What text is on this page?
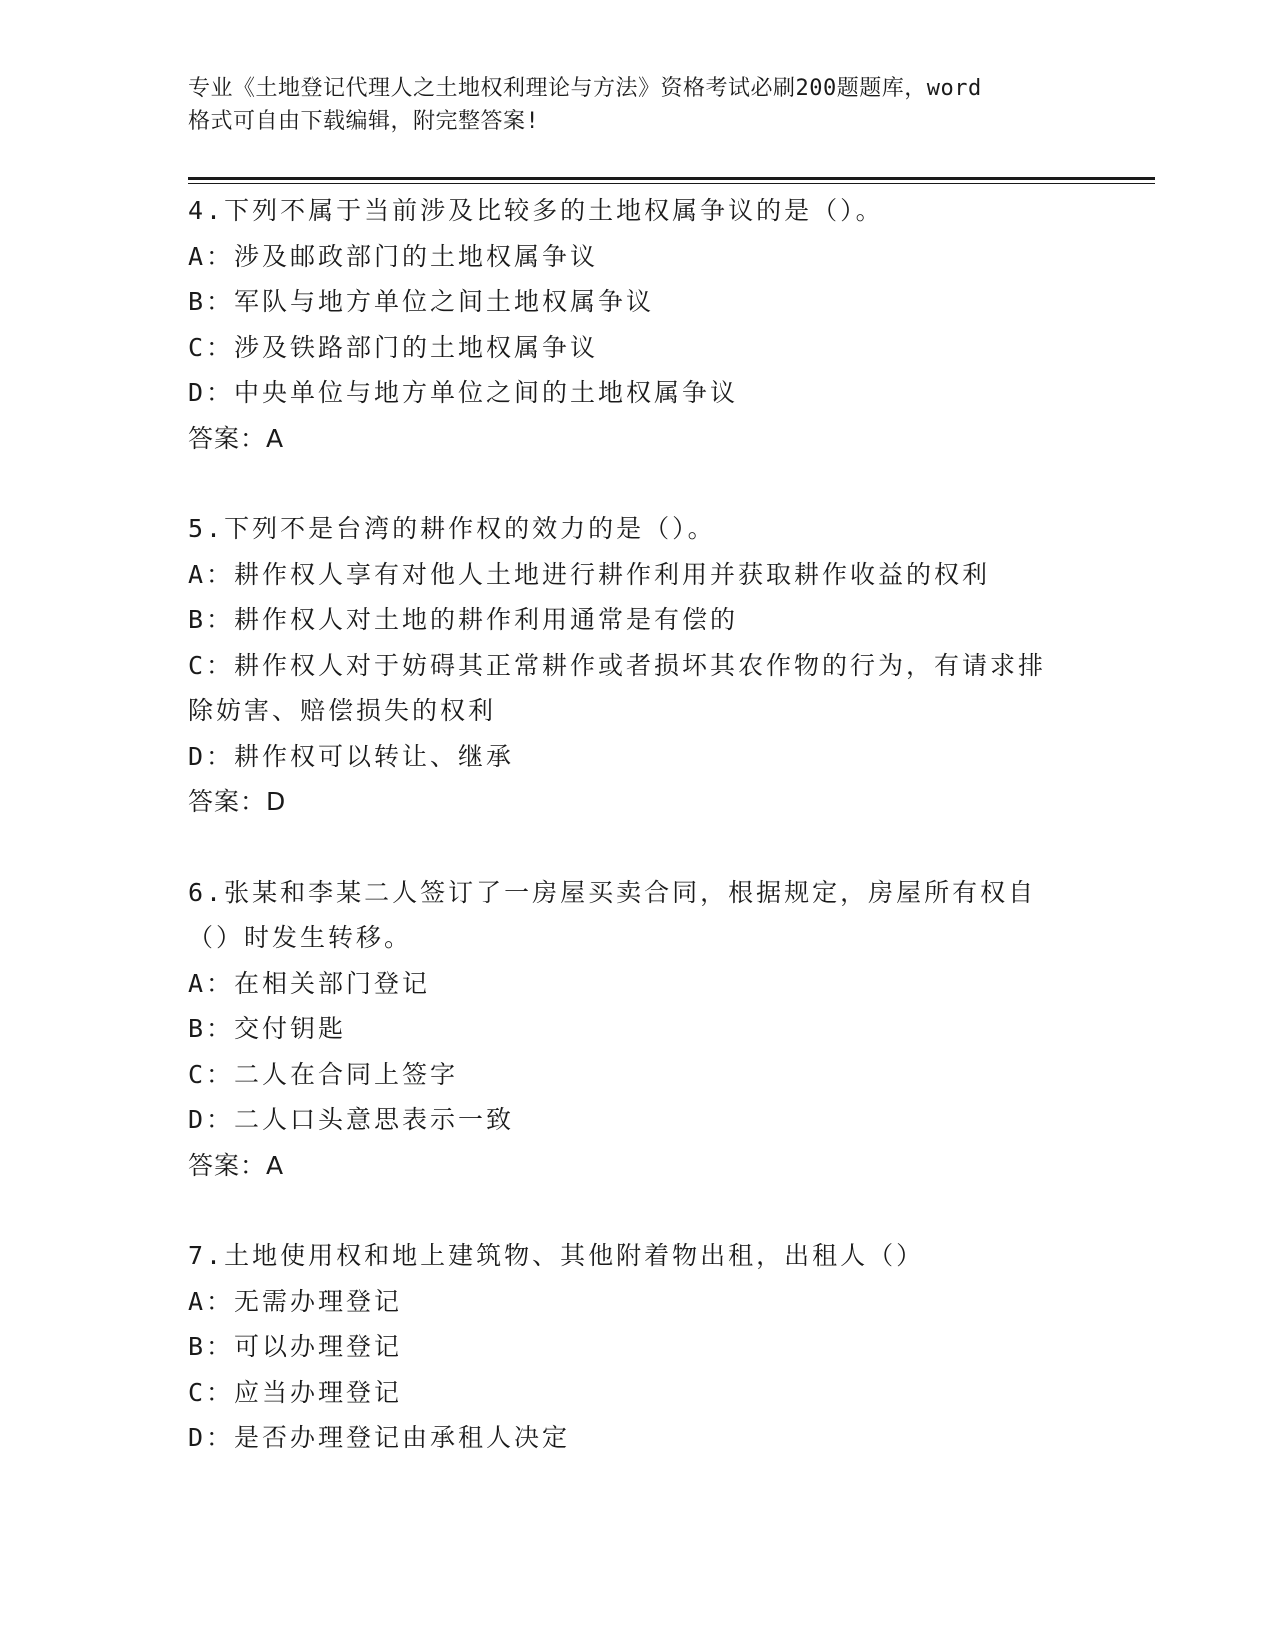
专业《土地登记代理人之土地权利理论与方法》资格考试必刷200题题库，word
格式可自由下载编辑，附完整答案!
4.下列不属于当前涉及比较多的土地权属争议的是（）。
A：涉及邮政部门的土地权属争议
B：军队与地方单位之间土地权属争议
C：涉及铁路部门的土地权属争议
D：中央单位与地方单位之间的土地权属争议
答案：A
5.下列不是台湾的耕作权的效力的是（）。
A：耕作权人享有对他人土地进行耕作利用并获取耕作收益的权利
B：耕作权人对土地的耕作利用通常是有偿的
C：耕作权人对于妨碍其正常耕作或者损坏其农作物的行为，有请求排
除妨害、赔偿损失的权利
D：耕作权可以转让、继承
答案：D
6.张某和李某二人签订了一房屋买卖合同，根据规定，房屋所有权自
（）时发生转移。
A：在相关部门登记
B：交付钥匙
C：二人在合同上签字
D：二人口头意思表示一致
答案：A
7.土地使用权和地上建筑物、其他附着物出租，出租人（）
A：无需办理登记
B：可以办理登记
C：应当办理登记
D：是否办理登记由承租人决定
